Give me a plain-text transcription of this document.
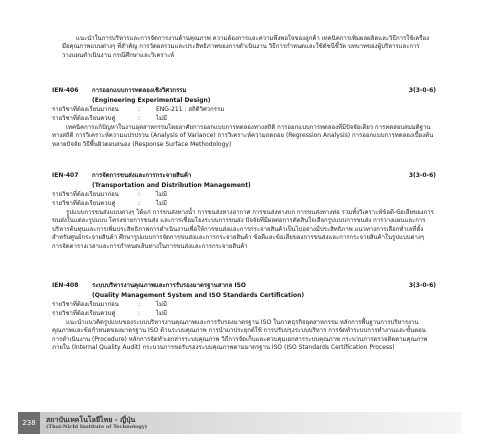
แนะนำในการบริหารและการจัดการงานด้านคุณภาพ ความต้องการและความพึงพอใจของลูกค้า เทคนิคการเพิ่มผลผลิตและวิธีการใช้เครื่องมือคุณภาพแบบต่างๆ ที่สำคัญ การวัดผลรวมและประสิทธิภาพของการดำเนินงาน วิธีการกำหนดและใช้ดัชนีชี้วัด บทบาทของผู้บริหารและการวางแผนดำเนินงาน กรณีศึกษาและวิเคราะห์
IEN-406 การออกแบบการทดลองเชิงวิศวกรรม	3(3-0-6)
(Engineering Experimental Design)
รายวิชาที่ต้องเรียนมาก่อน	:	ENG-211 : สถิติวิศวกรรม
รายวิชาที่ต้องเรียนควบคู่	:	ไม่มี
เทคนิคการแก้ปัญหาในงานอุตสาหกรรมโดยอาศัยการออกแบบการทดลองทางสถิติ การออกแบบการทดลองที่มีปัจจัยเดียว การทดสอบสมมติฐานทางสถิติ การวิเคราะห์ความแปรปรวน (Analysis of Variance) การวิเคราะห์ความถดถอย (Regression Analysis) การออกแบบการทดลองเบื้องต้นหลายปัจจัย วิธีพื้นผิวตอบสนอง (Response Surface Methodology)
IEN-407 การจัดการขนส่งและการกระจายสินค้า	3(3-0-6)
(Transportation and Distribution Management)
รายวิชาที่ต้องเรียนมาก่อน	:	ไม่มี
รายวิชาที่ต้องเรียนควบคู่	:	ไม่มี
รูปแบบการขนส่งแบบต่างๆ ได้แก่ การขนส่งทางน้ำ การขนส่งทางอากาศ การขนส่งทางบก การขนส่งทางท่อ รวมทั้งวิเคราะห์ข้อดี-ข้อเสียของการขนส่งในแต่ละรูปแบบ โครงข่ายการขนส่ง และการเชื่อมโยงระบบการขนส่ง ปัจจัยที่มีผลต่อการตัดสินใจเลือกรูปแบบการขนส่ง การวางแผนและการบริหารต้นทุนและการเพิ่มประสิทธิภาพการดำเนินงานเพื่อให้การขนส่งและการกระจายสินค้าเป็นไปอย่างมีประสิทธิภาพ แนวทางการเลือกทำเลที่ตั้งสำหรับศูนย์กระจายสินค้า ศึกษารูปแบบการจัดการขนส่งและการกระจายสินค้า ข้อดีและข้อเสียของการขนส่งและการกระจายสินค้าในรูปแบบต่างๆ การจัดตารางเวลาและการกำหนดเส้นทางในการขนส่งและการกระจายสินค้า
IEN-408 ระบบบริหารงานคุณภาพและการรับรองมาตรฐานสากล ISO	3(3-0-6)
(Quality Management System and ISO Standards Certification)
รายวิชาที่ต้องเรียนมาก่อน	:	ไม่มี
รายวิชาที่ต้องเรียนควบคู่	:	ไม่มี
แนะนำแนวคิดรูปแบบของระบบบริหารงานคุณภาพและการรับรองมาตรฐาน ISO ในภาคธุรกิจอุตสาหกรรม หลักการพื้นฐานการบริหารงานคุณภาพและข้อกำหนดของมาตรฐาน ISO ด้านระบบคุณภาพ การนำมาประยุกต์ใช้ การปรับปรุงระบบบริหาร การจัดทำระบบการทำงานและขั้นตอนการดำเนินงาน (Procedure) หลักการจัดทำเอกสารระบบคุณภาพ วิธีการจัดเก็บและควบคุมเอกสารระบบคุณภาพ กระบวนการตรวจติดตามคุณภาพภายใน (Internal Quality Audit) กระบวนการขอรับรองระบบคุณภาพตามมาตรฐาน ISO (ISO Standards Certification Process)
238	สถาบันเทคโนโลยีไทย - ญี่ปุ่น
(Thai-Nichi Institute of Technology)
